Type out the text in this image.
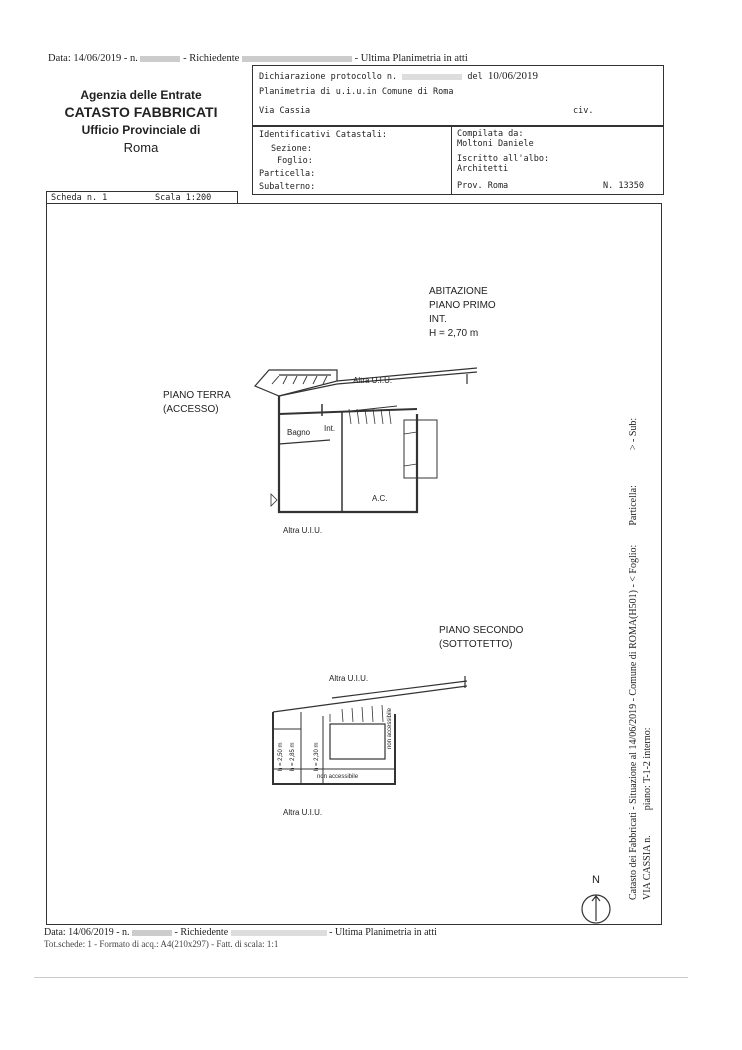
Data: 14/06/2019 - n.	- Richiedente	- Ultima Planimetria in atti
Agenzia delle Entrate
CATASTO FABBRICATI
Ufficio Provinciale di
Roma
Dichiarazione protocollo n.	del 10/06/2019
Planimetria di u.i.u.in Comune di Roma
Via Cassia	civ.
Identificativi Catastali:
Sezione:
Foglio:
Particella:
Subalterno:
Compilata da:
Moltoni Daniele
Iscritto all'albo:
Architetti
Prov. Roma	N. 13350
Scheda n. 1	Scala 1:200
ABITAZIONE
PIANO PRIMO
INT.
H = 2,70 m
PIANO TERRA
(ACCESSO)
Altra U.I.U.
Altra U.I.U.
Bagno Int.
A.C.
PIANO SECONDO
(SOTTOTETTO)
Altra U.I.U.
Altra U.I.U.
non accessibile
h = 2,50 m h = 2,85 m	h = 2,30 m
non accessibile
N	Catasto dei Fabbricati - Situazione al 14/06/2019 - Comune di ROMA(H501) - < Foglio:  Particella:  > - Sub:
VIA CASSIA n.  piano: T-1-2 interno:
Data: 14/06/2019 - n.	- Richiedente	- Ultima Planimetria in atti
Tot.schede: 1 - Formato di acq.: A4(210x297) - Fatt. di scala: 1:1
